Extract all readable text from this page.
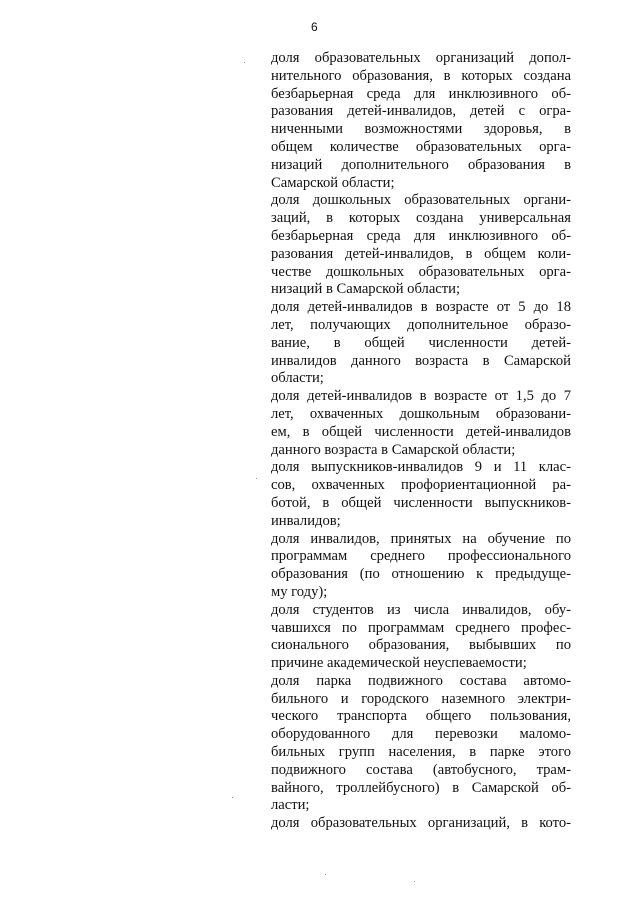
6
доля образовательных организаций допол-
нительного образования, в которых создана
безбарьерная среда для инклюзивного об-
разования детей-инвалидов, детей с огра-
ниченными возможностями здоровья, в
общем количестве образовательных орга-
низаций дополнительного образования в
Самарской области;
доля дошкольных образовательных органи-
заций, в которых создана универсальная
безбарьерная среда для инклюзивного об-
разования детей-инвалидов, в общем коли-
честве дошкольных образовательных орга-
низаций в Самарской области;
доля детей-инвалидов в возрасте от 5 до 18
лет, получающих дополнительное образо-
вание, в общей численности детей-
инвалидов данного возраста в Самарской
области;
доля детей-инвалидов в возрасте от 1,5 до 7
лет, охваченных дошкольным образовани-
ем, в общей численности детей-инвалидов
данного возраста в Самарской области;
доля выпускников-инвалидов 9 и 11 клас-
сов, охваченных профориентационной ра-
ботой, в общей численности выпускников-
инвалидов;
доля инвалидов, принятых на обучение по
программам среднего профессионального
образования (по отношению к предыдуще-
му году);
доля студентов из числа инвалидов, обу-
чавшихся по программам среднего профес-
сионального образования, выбывших по
причине академической неуспеваемости;
доля парка подвижного состава автомо-
бильного и городского наземного электри-
ческого транспорта общего пользования,
оборудованного для перевозки маломо-
бильных групп населения, в парке этого
подвижного состава (автобусного, трам-
вайного, троллейбусного) в Самарской об-
ласти;
доля образовательных организаций, в кото-
